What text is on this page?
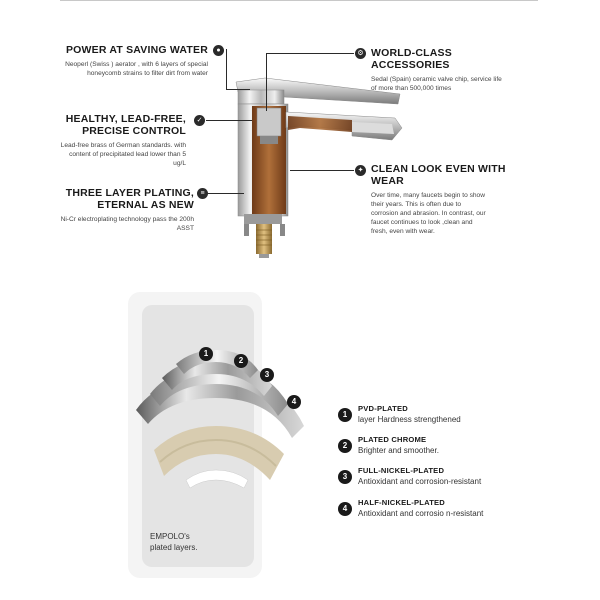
POWER AT SAVING WATER

Neoperl (Swiss ) aerator , with 6 layers of special honeycomb strains to filter dirt from water

●
HEALTHY, LEAD-FREE,
PRECISE CONTROL

Lead-free brass of German standards. with content of precipitated lead lower than 5 ug/L

✓
THREE LAYER PLATING,
ETERNAL AS NEW

Ni-Cr electroplating technology pass the 200h ASST

≡
⚙ WORLD-CLASS ACCESSORIES

Sedal (Spain) ceramic valve chip, service life of more than 500,000 times

✦ CLEAN LOOK EVEN WITH
WEAR

Over time, many faucets begin to show their years. This is often due to corrosion and abrasion. In contrast, our faucet continues to look ,clean and fresh, even with wear.

1
2
3
4
EMPOLO's
plated layers.
1
PVD-PLATED
layer Hardness strengthened
2
PLATED CHROME
Brighter and smoother.
3
FULL-NICKEL-PLATED
Antioxidant and corrosion-resistant
4
HALF-NICKEL-PLATED
Antioxidant and corrosio n-resistant
